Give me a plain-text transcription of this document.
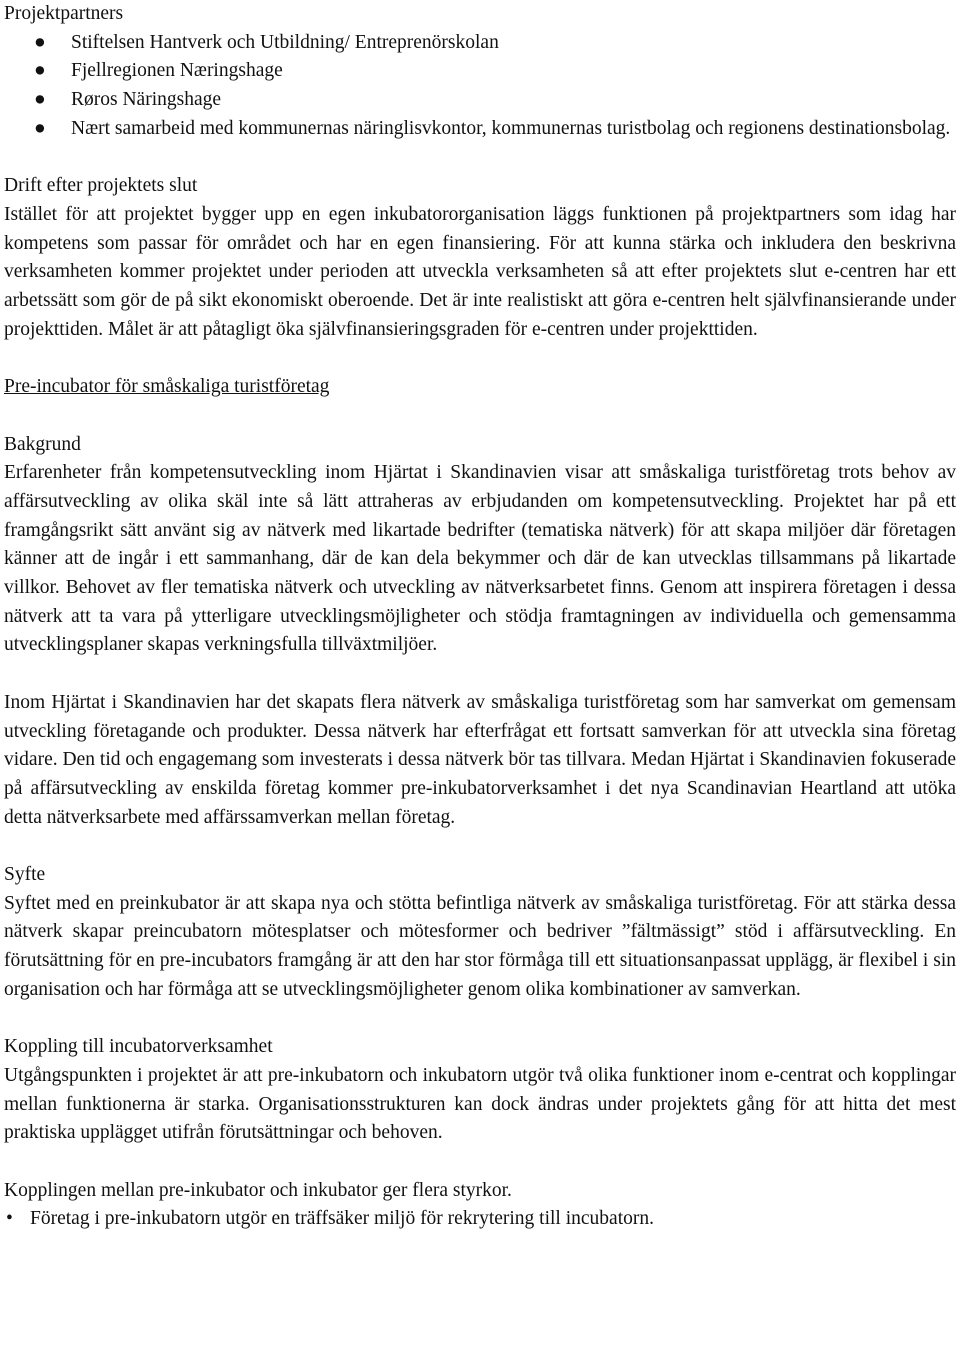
Projektpartners

● Stiftelsen Hantverk och Utbildning/ Entreprenörskolan
● Fjellregionen Næringshage
● Røros Näringshage
● Nært samarbeid med kommunernas näringlisvkontor, kommunernas turistbolag och regionens destinationsbolag.

Drift efter projektets slut

Istället för att projektet bygger upp en egen inkubatororganisation läggs funktionen på projektpartners som idag har kompetens som passar för området och har en egen finansiering. För att kunna stärka och inkludera den beskrivna verksamheten kommer projektet under perioden att utveckla verksamheten så att efter projektets slut e-centren har ett arbetssätt som gör de på sikt ekonomiskt oberoende. Det är inte realistiskt att göra e-centren helt självfinansierande under projekttiden. Målet är att påtagligt öka självfinansieringsgraden för e-centren under projekttiden.

Pre-incubator för småskaliga turistföretag

Bakgrund

Erfarenheter från kompetensutveckling inom Hjärtat i Skandinavien visar att småskaliga turistföretag trots behov av affärsutveckling av olika skäl inte så lätt attraheras av erbjudanden om kompetensutveckling. Projektet har på ett framgångsrikt sätt använt sig av nätverk med likartade bedrifter (tematiska nätverk) för att skapa miljöer där företagen känner att de ingår i ett sammanhang, där de kan dela bekymmer och där de kan utvecklas tillsammans på likartade villkor. Behovet av fler tematiska nätverk och utveckling av nätverksarbetet finns. Genom att inspirera företagen i dessa nätverk att ta vara på ytterligare utvecklingsmöjligheter och stödja framtagningen av individuella och gemensamma utvecklingsplaner skapas verkningsfulla tillväxtmiljöer.

Inom Hjärtat i Skandinavien har det skapats flera nätverk av småskaliga turistföretag som har samverkat om gemensam utveckling företagande och produkter. Dessa nätverk har efterfrågat ett fortsatt samverkan för att utveckla sina företag vidare. Den tid och engagemang som investerats i dessa nätverk bör tas tillvara. Medan Hjärtat i Skandinavien fokuserade på affärsutveckling av enskilda företag kommer pre-inkubatorverksamhet i det nya Scandinavian Heartland att utöka detta nätverksarbete med affärssamverkan mellan företag.

Syfte

Syftet med en preinkubator är att skapa nya och stötta befintliga nätverk av småskaliga turistföretag. För att stärka dessa nätverk skapar preincubatorn mötesplatser och mötesformer och bedriver ”fältmässigt” stöd i affärsutveckling. En förutsättning för en pre-incubators framgång är att den har stor förmåga till ett situationsanpassat upplägg, är flexibel i sin organisation och har förmåga att se utvecklingsmöjligheter genom olika kombinationer av samverkan.

Koppling till incubatorverksamhet

Utgångspunkten i projektet är att pre-inkubatorn och inkubatorn utgör två olika funktioner inom e-centrat och kopplingar mellan funktionerna är starka. Organisationsstrukturen kan dock ändras under projektets gång för att hitta det mest praktiska upplägget utifrån förutsättningar och behoven.

Kopplingen mellan pre-inkubator och inkubator ger flera styrkor.

• Företag i pre-inkubatorn utgör en träffsäker miljö för rekrytering till incubatorn.
